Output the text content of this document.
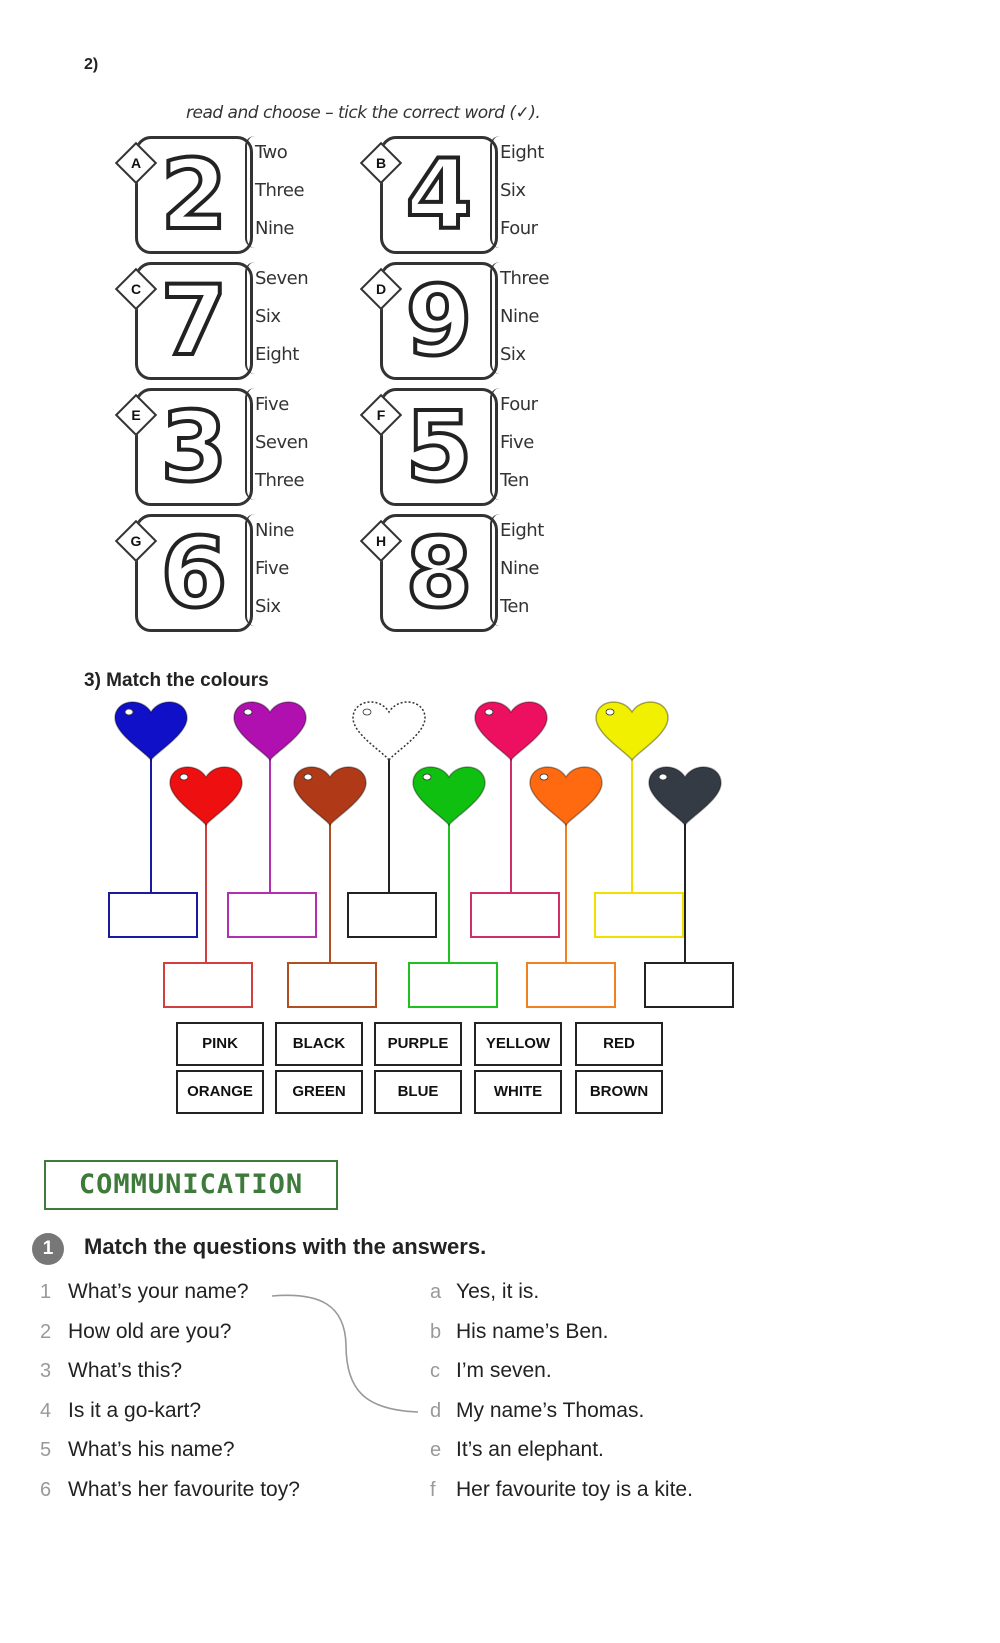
2)
read and choose – tick the correct word (✓).
2
A	Two
Three
Nine 4
B	Eight
Six
Four
7
C	Seven
Six
Eight 9
D	Three
Nine
Six
3
E	Five
Seven
Three 5
F	Four
Five
Ten
6
G	Nine
Five
Six 8
H	Eight
Nine
Ten
3) Match the colours
PINK	BLACK	PURPLE	YELLOW	RED
ORANGE	GREEN	BLUE	WHITE	BROWN
COMMUNICATION
1	Match the questions with the answers.
1 What’s your name?
2 How old are you?
3 What’s this?
4 Is it a go-kart?
5 What’s his name?
6 What’s her favourite toy?
a Yes, it is.
b His name’s Ben.
c I’m seven.
d My name’s Thomas.
e It’s an elephant.
f Her favourite toy is a kite.
